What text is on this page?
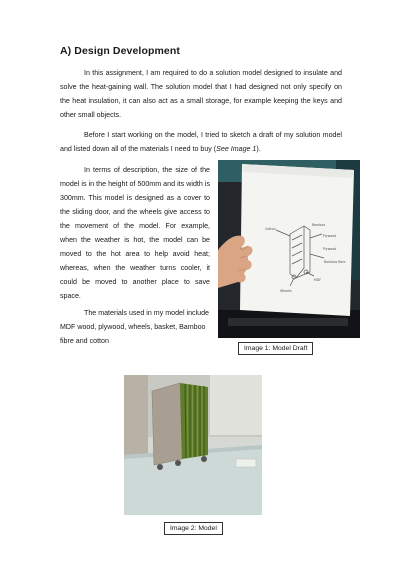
A) Design Development

In this assignment, I am required to do a solution model designed to insulate and solve the heat-gaining wall. The solution model that I had designed not only specify on the heat insulation, it can also act as a small storage, for example keeping the keys and other small objects.

Before I start working on the model, I tried to sketch a draft of my solution model and listed down all of the materials I need to buy (See Image 1).

In terms of description, the size of the model is in the height of 500mm and its width is 300mm. This model is designed as a cover to the sliding door, and the wheels give access to the movement of the model. For example, when the weather is hot, the model can be moved to the hot area to help avoid heat; whereas, when the weather turns cooler, it could be moved to another place to save space.

The materials used in my model include MDF wood, plywood, wheels, basket, Bamboo fibre and cotton

Cotton
Bamboo
Plywood
Plywood
Bamboo fibre
Wheels
MDF
Image 1: Model Draft
Image 2: Model
